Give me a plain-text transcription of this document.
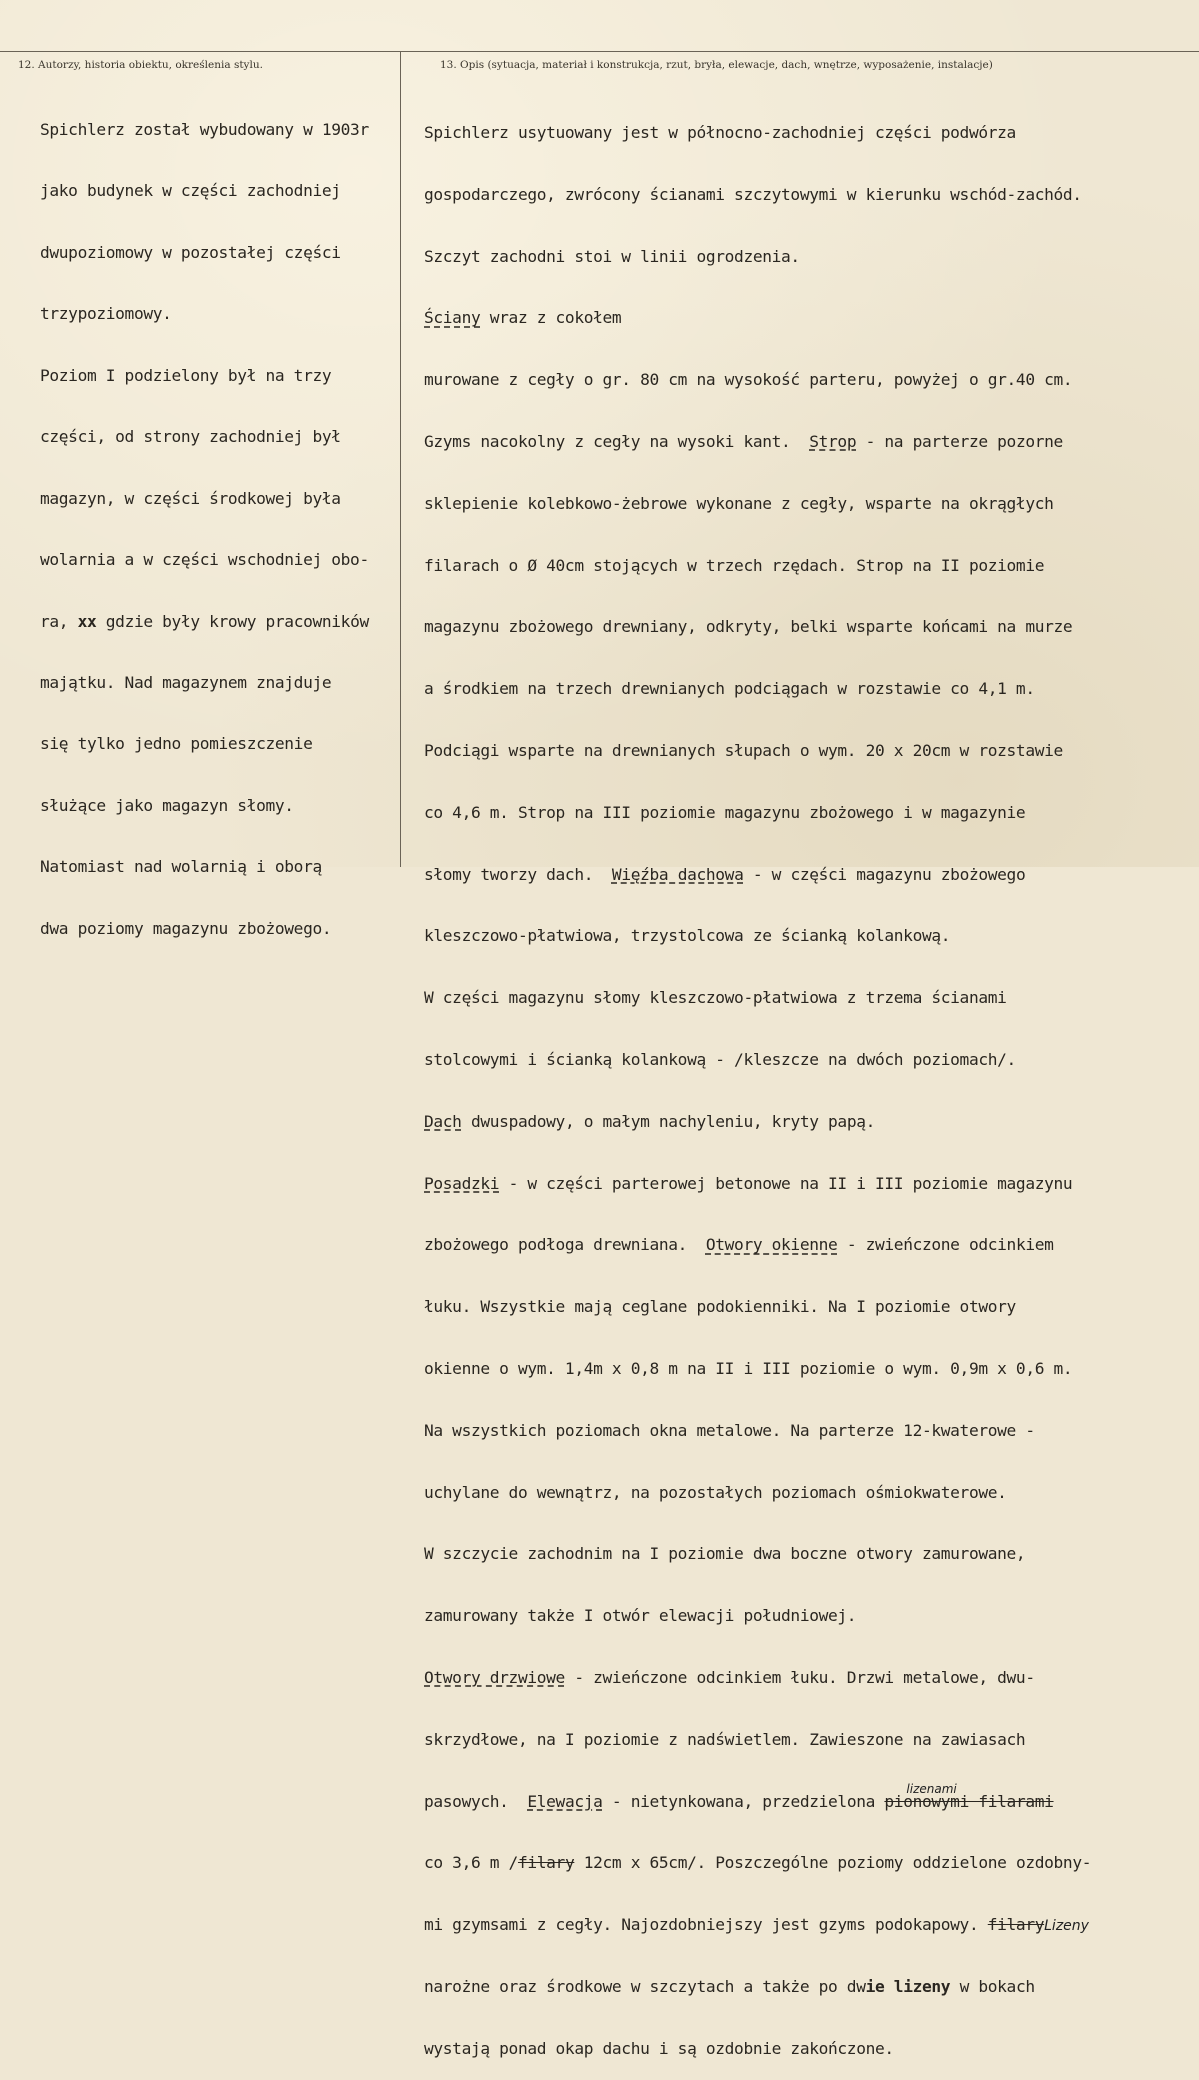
12. Autorzy, historia obiektu, określenia stylu.	13. Opis (sytuacja, materiał i konstrukcja, rzut, bryła, elewacje, dach, wnętrze, wyposażenie, instalacje)

Spichlerz został wybudowany w 1903r

jako budynek w części zachodniej

dwupoziomowy w pozostałej części

trzypoziomowy.

Poziom I podzielony był na trzy

części, od strony zachodniej był

magazyn, w części środkowej była

wolarnia a w części wschodniej obo-

ra, xx gdzie były krowy pracowników

majątku. Nad magazynem znajduje

się tylko jedno pomieszczenie

służące jako magazyn słomy.

Natomiast nad wolarnią i oborą

dwa poziomy magazynu zbożowego.

Spichlerz usytuowany jest w północno-zachodniej części podwórza

gospodarczego, zwrócony ścianami szczytowymi w kierunku wschód-zachód.

Szczyt zachodni stoi w linii ogrodzenia.

Ściany wraz z cokołem

murowane z cegły o gr. 80 cm na wysokość parteru, powyżej o gr.40 cm.

Gzyms nacokolny z cegły na wysoki kant.  Strop - na parterze pozorne

sklepienie kolebkowo-żebrowe wykonane z cegły, wsparte na okrągłych

filarach o Ø 40cm stojących w trzech rzędach. Strop na II poziomie

magazynu zbożowego drewniany, odkryty, belki wsparte końcami na murze

a środkiem na trzech drewnianych podciągach w rozstawie co 4,1 m.

Podciągi wsparte na drewnianych słupach o wym. 20 x 20cm w rozstawie

co 4,6 m. Strop na III poziomie magazynu zbożowego i w magazynie

słomy tworzy dach.  Więźba dachowa - w części magazynu zbożowego

kleszczowo-płatwiowa, trzystolcowa ze ścianką kolankową.

W części magazynu słomy kleszczowo-płatwiowa z trzema ścianami

stolcowymi i ścianką kolankową - /kleszcze na dwóch poziomach/.

Dach dwuspadowy, o małym nachyleniu, kryty papą.

Posadzki - w części parterowej betonowe na II i III poziomie magazynu

zbożowego podłoga drewniana.  Otwory okienne - zwieńczone odcinkiem

łuku. Wszystkie mają ceglane podokienniki. Na I poziomie otwory

okienne o wym. 1,4m x 0,8 m na II i III poziomie o wym. 0,9m x 0,6 m.

Na wszystkich poziomach okna metalowe. Na parterze 12-kwaterowe -

uchylane do wewnątrz, na pozostałych poziomach ośmiokwaterowe.

W szczycie zachodnim na I poziomie dwa boczne otwory zamurowane,

zamurowany także I otwór elewacji południowej.

Otwory drzwiowe - zwieńczone odcinkiem łuku. Drzwi metalowe, dwu-

skrzydłowe, na I poziomie z nadświetlem. Zawieszone na zawiasach

pasowych.  Elewacja - nietynkowana, przedzielona
lizenami
pionowymi filarami

co 3,6 m /filary 12cm x 65cm/. Poszczególne poziomy oddzielone ozdobny-

mi gzymsami z cegły. Najozdobniejszy jest gzyms podokapowy. filaryLizeny

narożne oraz środkowe w szczytach a także po dwie lizeny w bokach

wystają ponad okap dachu i są ozdobnie zakończone.
